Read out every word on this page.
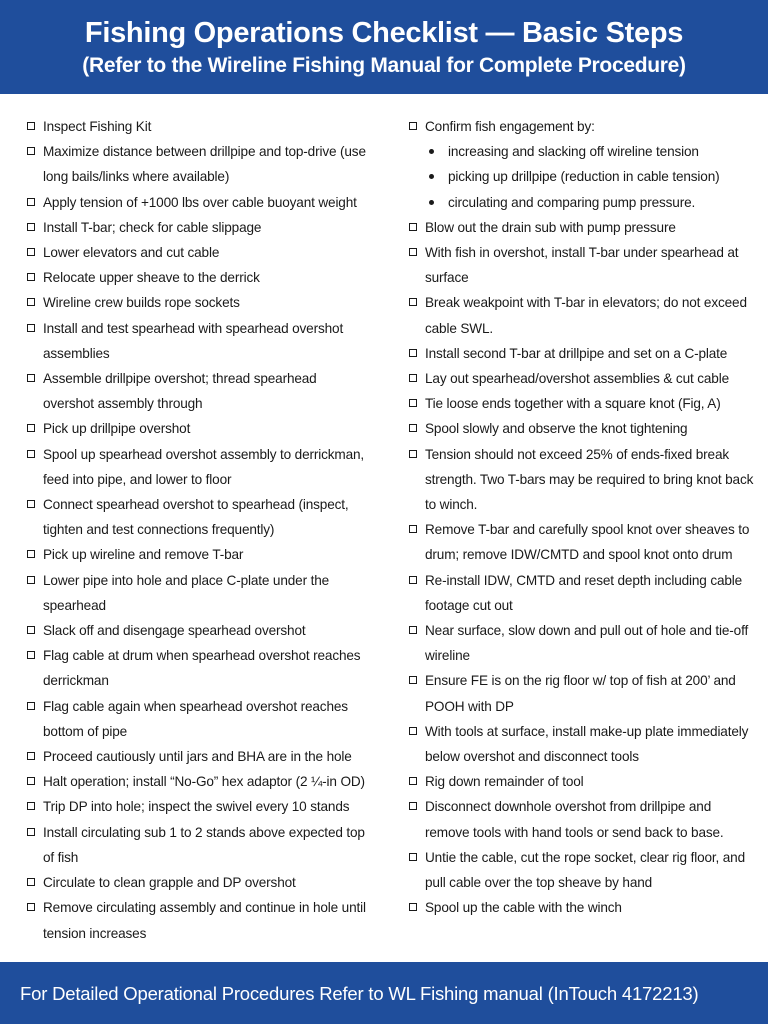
Fishing Operations Checklist — Basic Steps
(Refer to the Wireline Fishing Manual for Complete Procedure)
Inspect Fishing Kit
Maximize distance between drillpipe and top-drive (use long bails/links where available)
Apply tension of +1000 lbs over cable buoyant weight
Install T-bar; check for cable slippage
Lower elevators and cut cable
Relocate upper sheave to the derrick
Wireline crew builds rope sockets
Install and test spearhead with spearhead overshot assemblies
Assemble drillpipe overshot; thread spearhead overshot assembly through
Pick up drillpipe overshot
Spool up spearhead overshot assembly to derrickman, feed into pipe, and lower to floor
Connect spearhead overshot to spearhead (inspect, tighten and test connections frequently)
Pick up wireline and remove T-bar
Lower pipe into hole and place C-plate under the spearhead
Slack off and disengage spearhead overshot
Flag cable at drum when spearhead overshot reaches derrickman
Flag cable again when spearhead overshot reaches bottom of pipe
Proceed cautiously until jars and BHA are in the hole
Halt operation; install “No-Go” hex adaptor (2 ¼-in OD)
Trip DP into hole; inspect the swivel every 10 stands
Install circulating sub 1 to 2 stands above expected top of fish
Circulate to clean grapple and DP overshot
Remove circulating assembly and continue in hole until tension increases
Confirm fish engagement by:
increasing and slacking off wireline tension
picking up drillpipe (reduction in cable tension)
circulating and comparing pump pressure.
Blow out the drain sub with pump pressure
With fish in overshot, install T-bar under spearhead at surface
Break weakpoint with T-bar in elevators; do not exceed cable SWL.
Install second T-bar at drillpipe and set on a C-plate
Lay out spearhead/overshot assemblies & cut cable
Tie loose ends together with a square knot (Fig, A)
Spool slowly and observe the knot tightening
Tension should not exceed 25% of ends-fixed break strength. Two T-bars may be required to bring knot back to winch.
Remove T-bar and carefully spool knot over sheaves to drum; remove IDW/CMTD and spool knot onto drum
Re-install IDW, CMTD and reset depth including cable footage cut out
Near surface, slow down and pull out of hole and tie-off wireline
Ensure FE is on the rig floor w/ top of fish at 200’ and POOH with DP
With tools at surface, install make-up plate immediately below overshot and disconnect tools
Rig down remainder of tool
Disconnect downhole overshot from drillpipe and remove tools with hand tools or send back to base.
Untie the cable, cut the rope socket, clear rig floor, and pull cable over the top sheave by hand
Spool up the cable with the winch
For Detailed Operational Procedures Refer to WL Fishing manual (InTouch 4172213)
